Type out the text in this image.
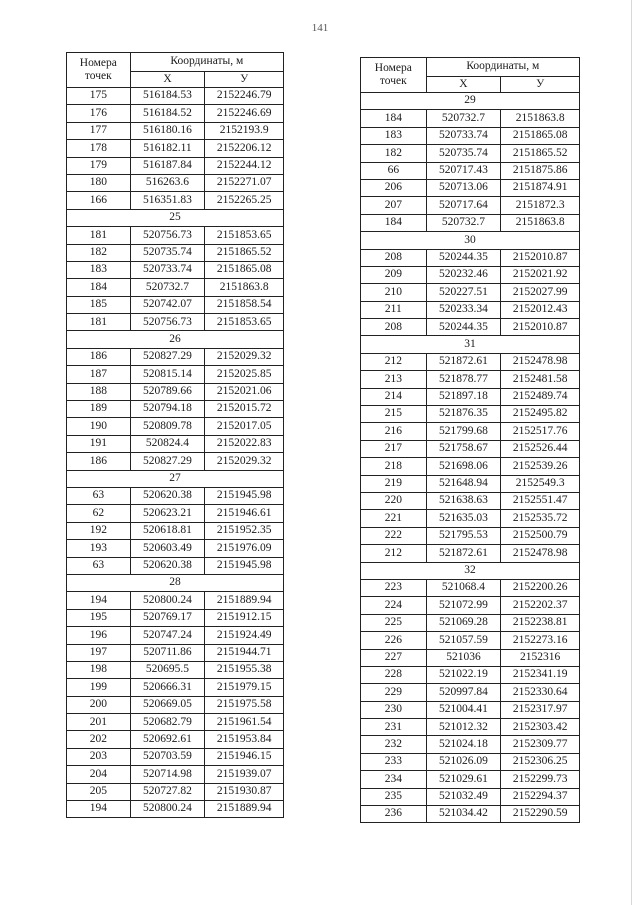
141
Номера
точек	Координаты, м	
	X	У
175	516184.53	2152246.79
176	516184.52	2152246.69
177	516180.16	2152193.9
178	516182.11	2152206.12
179	516187.84	2152244.12
180	516263.6	2152271.07
166	516351.83	2152265.25
25		
181	520756.73	2151853.65
182	520735.74	2151865.52
183	520733.74	2151865.08
184	520732.7	2151863.8
185	520742.07	2151858.54
181	520756.73	2151853.65
26		
186	520827.29	2152029.32
187	520815.14	2152025.85
188	520789.66	2152021.06
189	520794.18	2152015.72
190	520809.78	2152017.05
191	520824.4	2152022.83
186	520827.29	2152029.32
27		
63	520620.38	2151945.98
62	520623.21	2151946.61
192	520618.81	2151952.35
193	520603.49	2151976.09
63	520620.38	2151945.98
28		
194	520800.24	2151889.94
195	520769.17	2151912.15
196	520747.24	2151924.49
197	520711.86	2151944.71
198	520695.5	2151955.38
199	520666.31	2151979.15
200	520669.05	2151975.58
201	520682.79	2151961.54
202	520692.61	2151953.84
203	520703.59	2151946.15
204	520714.98	2151939.07
205	520727.82	2151930.87
194	520800.24	2151889.94
Номера
точек	Координаты, м	
	X	У
29		
184	520732.7	2151863.8
183	520733.74	2151865.08
182	520735.74	2151865.52
66	520717.43	2151875.86
206	520713.06	2151874.91
207	520717.64	2151872.3
184	520732.7	2151863.8
30		
208	520244.35	2152010.87
209	520232.46	2152021.92
210	520227.51	2152027.99
211	520233.34	2152012.43
208	520244.35	2152010.87
31		
212	521872.61	2152478.98
213	521878.77	2152481.58
214	521897.18	2152489.74
215	521876.35	2152495.82
216	521799.68	2152517.76
217	521758.67	2152526.44
218	521698.06	2152539.26
219	521648.94	2152549.3
220	521638.63	2152551.47
221	521635.03	2152535.72
222	521795.53	2152500.79
212	521872.61	2152478.98
32		
223	521068.4	2152200.26
224	521072.99	2152202.37
225	521069.28	2152238.81
226	521057.59	2152273.16
227	521036	2152316
228	521022.19	2152341.19
229	520997.84	2152330.64
230	521004.41	2152317.97
231	521012.32	2152303.42
232	521024.18	2152309.77
233	521026.09	2152306.25
234	521029.61	2152299.73
235	521032.49	2152294.37
236	521034.42	2152290.59
